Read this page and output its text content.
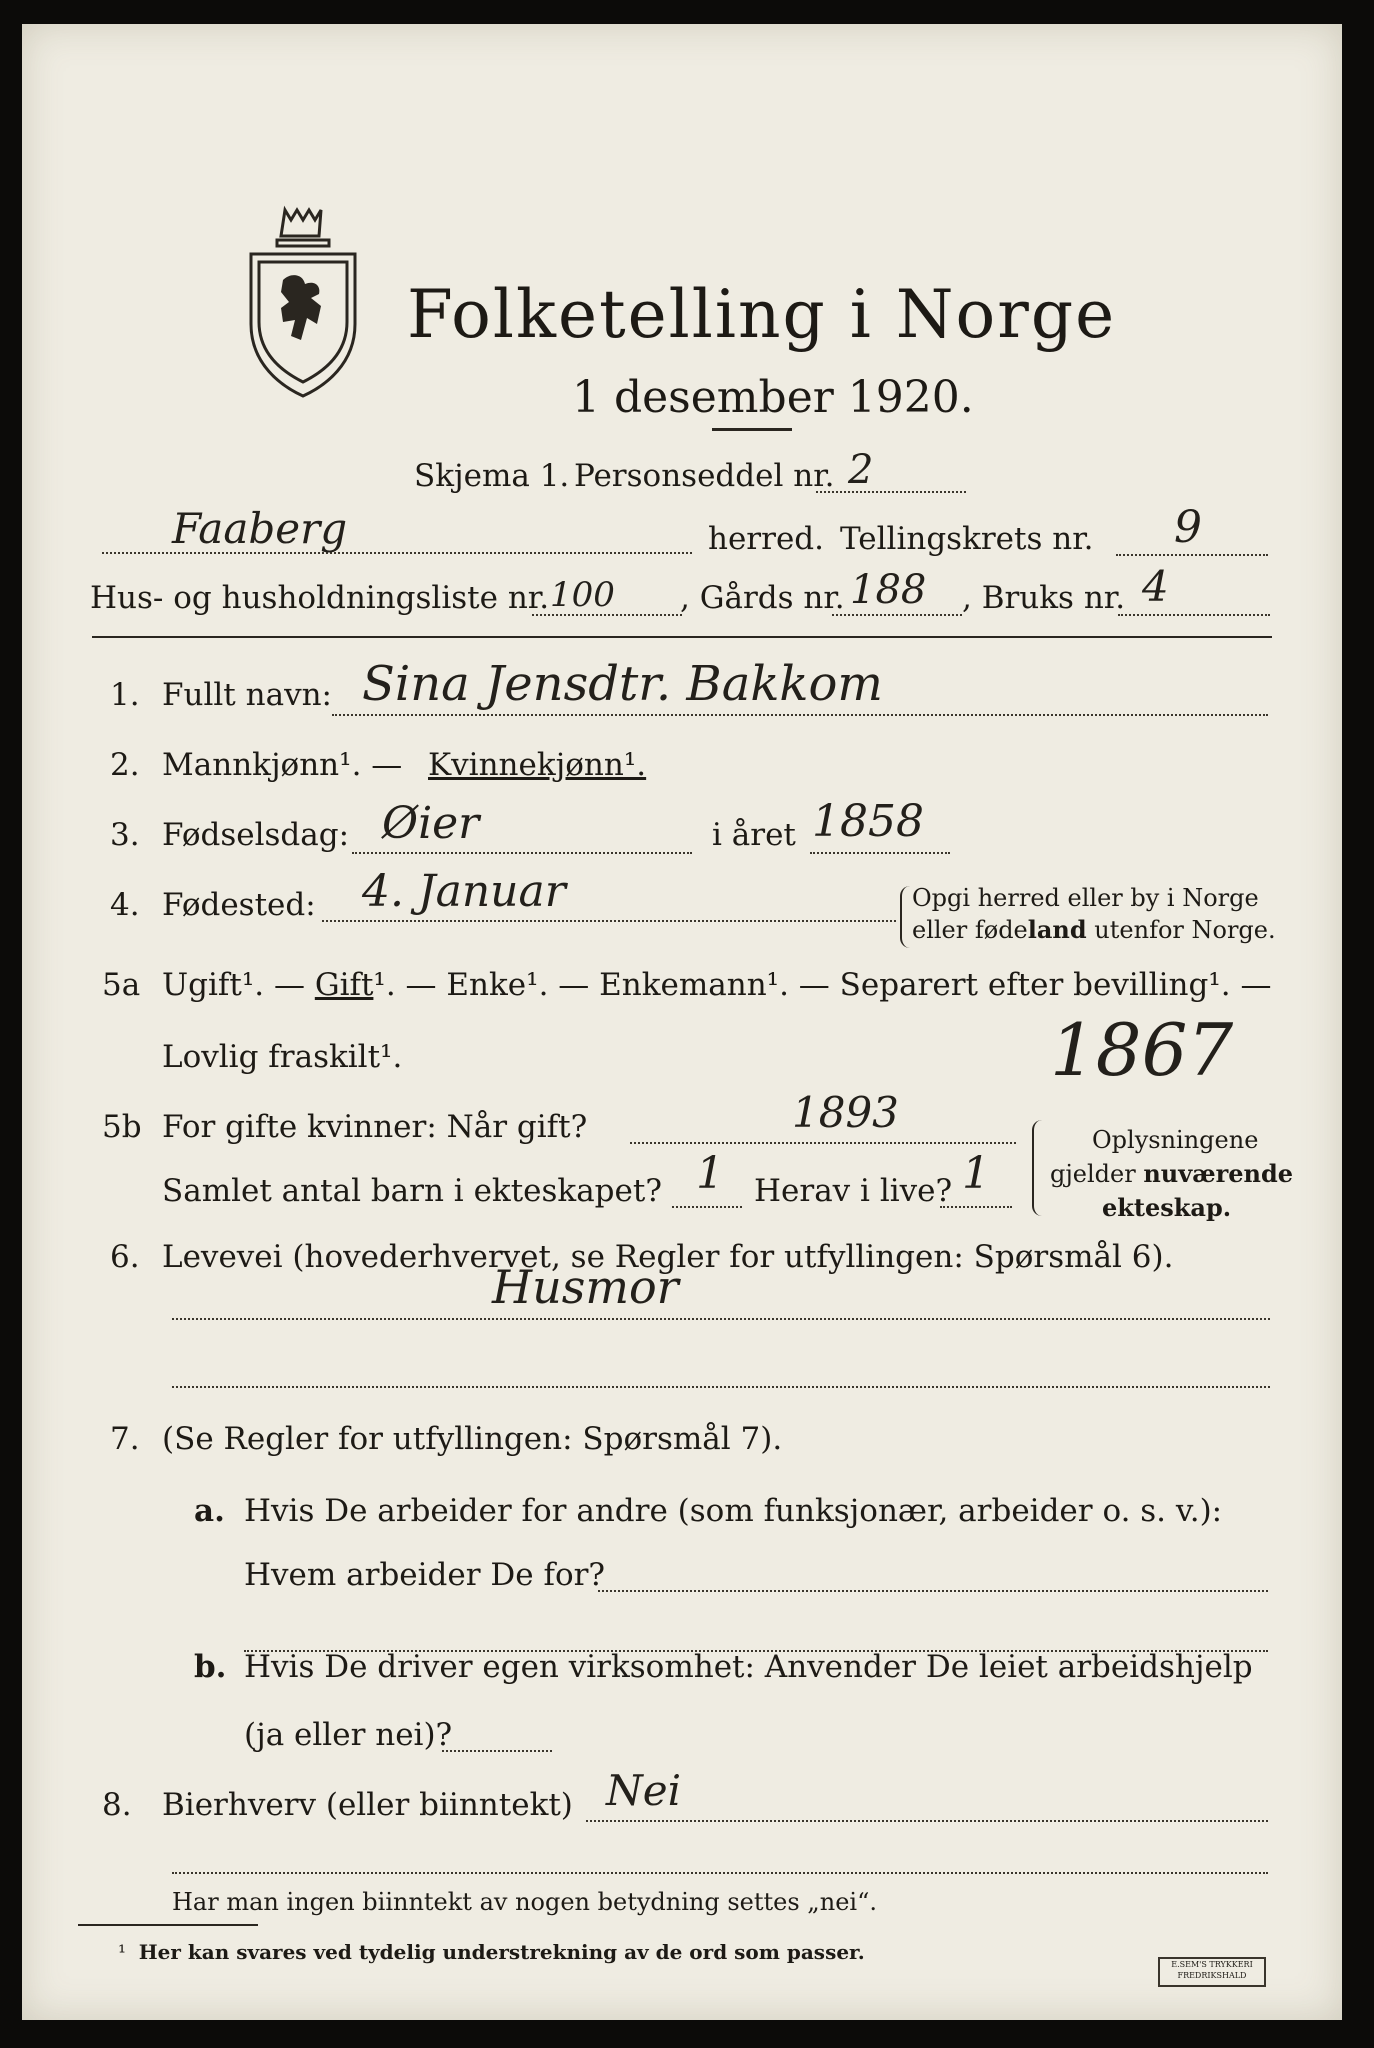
Folketelling i Norge
1 desember 1920.
Skjema 1. Personseddel nr. 2
Faaberg	herred. Tellingskrets nr. 9
Hus- og husholdningsliste nr. 100 , Gårds nr. 188 , Bruks nr. 4
1. Fullt navn: Sina Jensdtr. Bakkom
2. Mannkjønn¹. — Kvinnekjønn¹.
3. Fødselsdag: Øier	i året 1858
4. Fødested: 4. Januar	Opgi herred eller by i Norge
eller fødeland utenfor Norge.
5a Ugift¹. — Gift¹. — Enke¹. — Enkemann¹. — Separert efter bevilling¹. —
Lovlig fraskilt¹.	1867
5b For gifte kvinner: Når gift?	1893
Samlet antal barn i ekteskapet? 1 Herav i live? 1
Oplysningene
gjelder nuværende
ekteskap.
6. Levevei (hovederhvervet, se Regler for utfyllingen: Spørsmål 6).
Husmor
7. (Se Regler for utfyllingen: Spørsmål 7).
a. Hvis De arbeider for andre (som funksjonær, arbeider o. s. v.):
Hvem arbeider De for?
b. Hvis De driver egen virksomhet: Anvender De leiet arbeidshjelp
(ja eller nei)?
8. Bierhverv (eller biinntekt) Nei
Har man ingen biinntekt av nogen betydning settes „nei“.
¹ Her kan svares ved tydelig understrekning av de ord som passer.
E.SEM'S TRYKKERI FREDRIKSHALD
